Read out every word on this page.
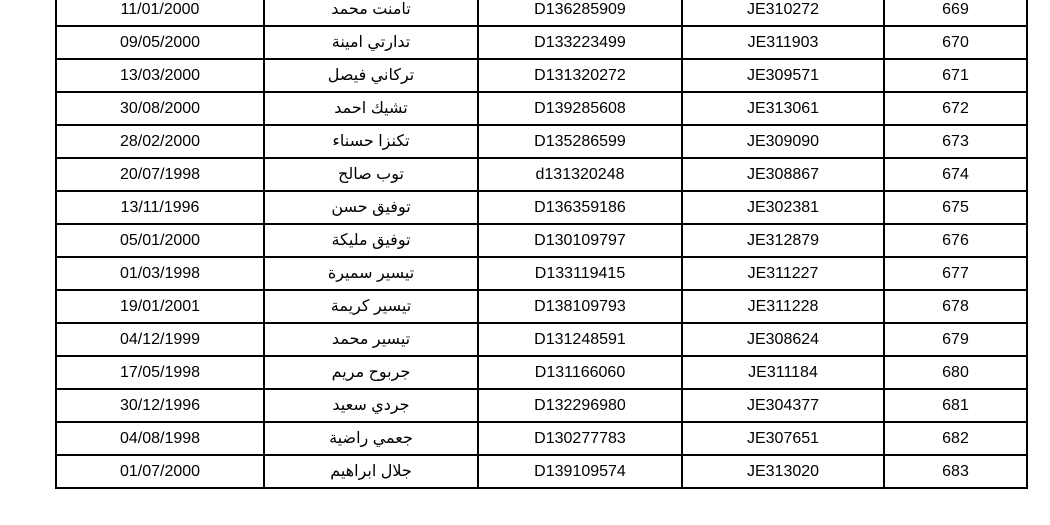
11/01/2000	تامنت محمد	D136285909	JE310272	669
09/05/2000	تدارتي امينة	D133223499	JE311903	670
13/03/2000	تركاني فيصل	D131320272	JE309571	671
30/08/2000	تشيك احمد	D139285608	JE313061	672
28/02/2000	تكنزا حسناء	D135286599	JE309090	673
20/07/1998	توب صالح	d131320248	JE308867	674
13/11/1996	توفيق حسن	D136359186	JE302381	675
05/01/2000	توفيق مليكة	D130109797	JE312879	676
01/03/1998	تيسير سميرة	D133119415	JE311227	677
19/01/2001	تيسير كريمة	D138109793	JE311228	678
04/12/1999	تيسير محمد	D131248591	JE308624	679
17/05/1998	جربوح مريم	D131166060	JE311184	680
30/12/1996	جردي سعيد	D132296980	JE304377	681
04/08/1998	جعمي راضية	D130277783	JE307651	682
01/07/2000	جلال ابراهيم	D139109574	JE313020	683
